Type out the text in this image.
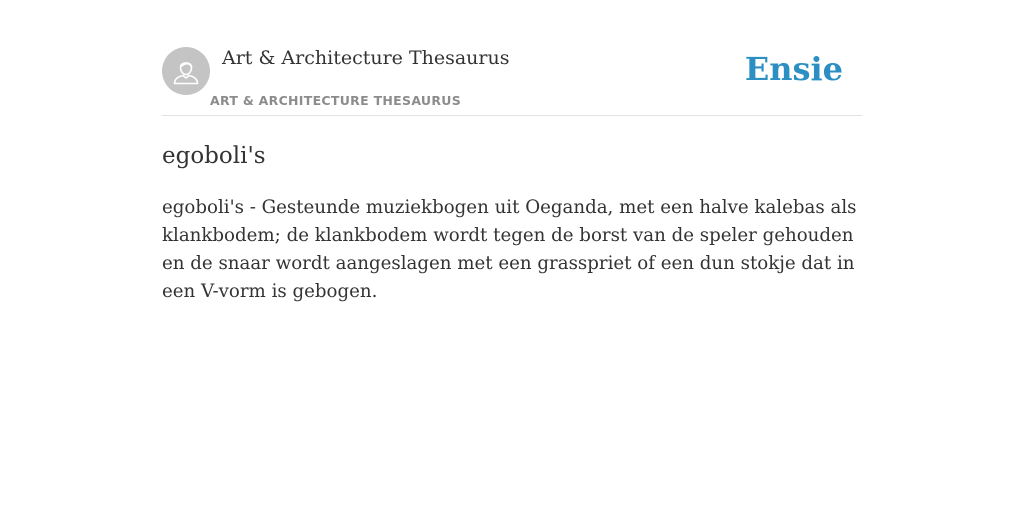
Art & Architecture Thesaurus
ART & ARCHITECTURE THESAURUS
Ensie
egoboli's

egoboli's - Gesteunde muziekbogen uit Oeganda, met een halve kalebas als klankbodem; de klankbodem wordt tegen de borst van de speler gehouden en de snaar wordt aangeslagen met een grasspriet of een dun stokje dat in een V-vorm is gebogen.
